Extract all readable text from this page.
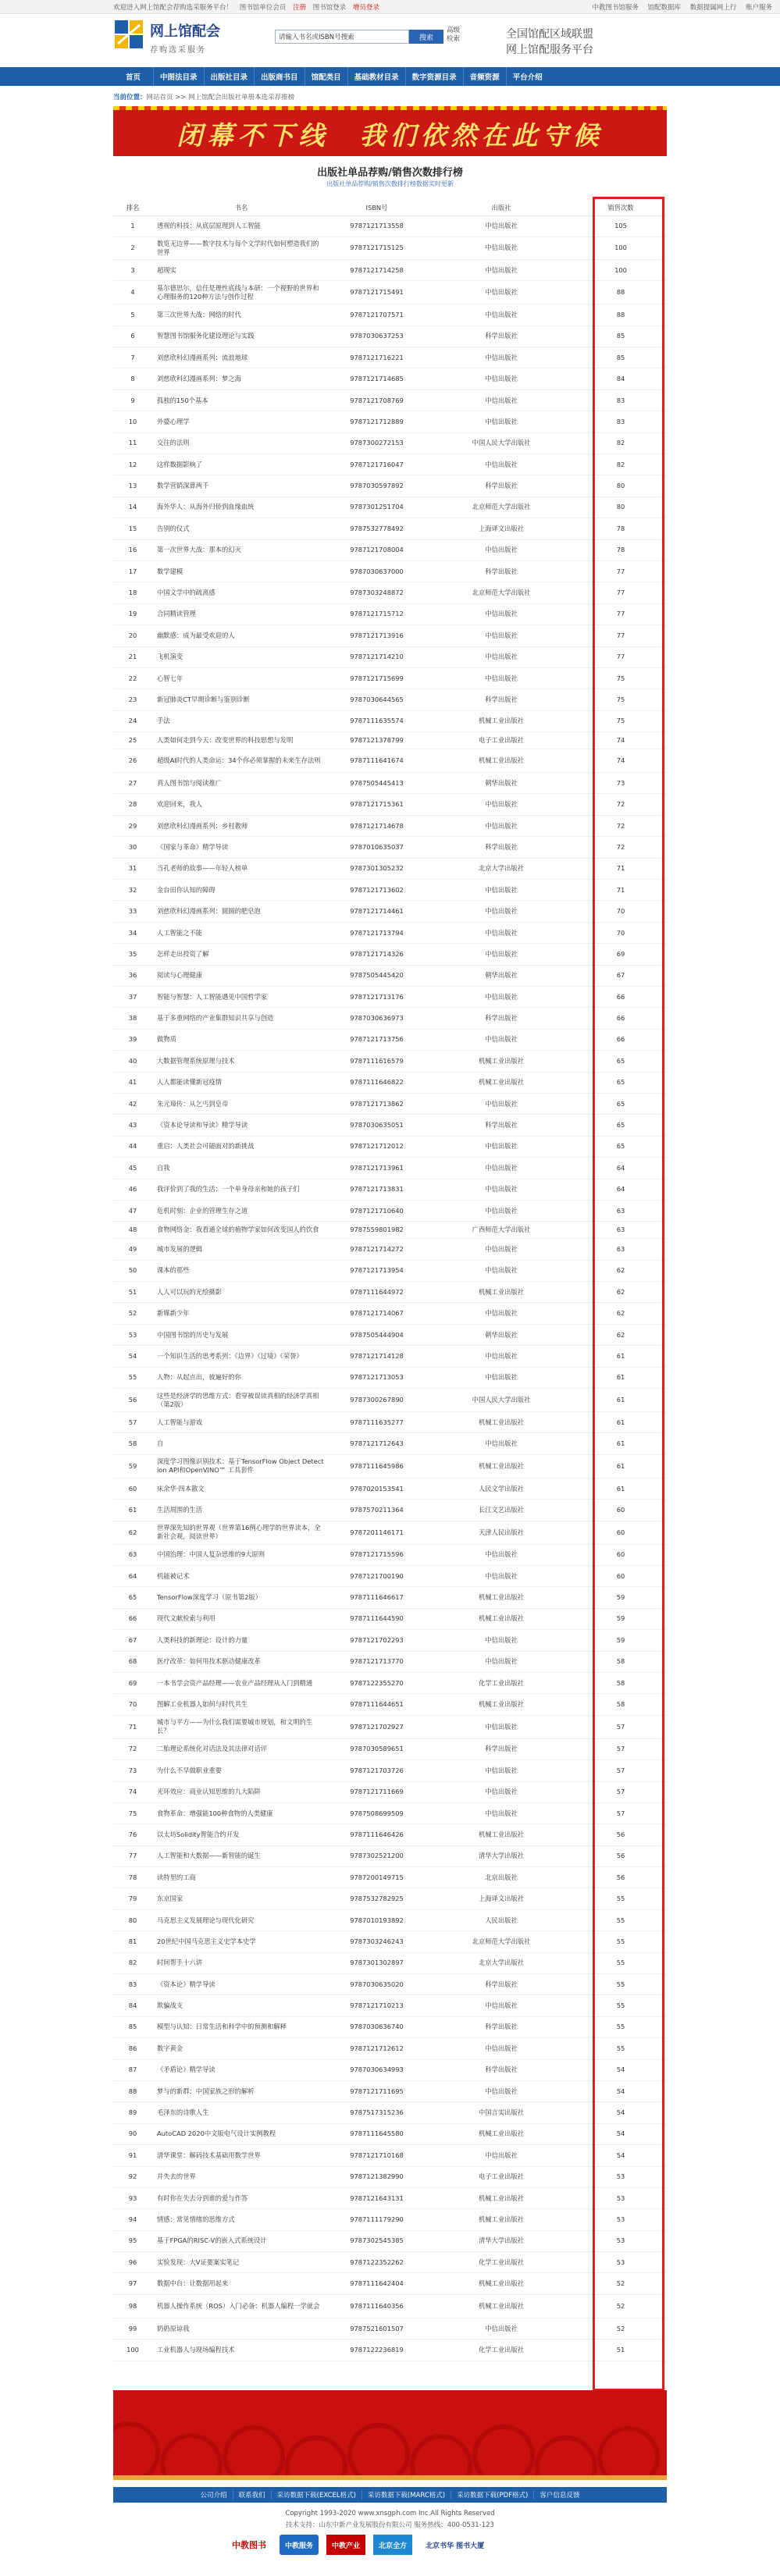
欢迎进入网上馆配会荐购选采服务平台！ 图书馆单位会员 注册 图书馆登录 增员登录	中教图书馆服务 馆配数据库 数据提属网上行 账户服务
网上馆配会
荐购选采服务
请输入书名或ISBN号搜索
搜索
高级检索	全国馆配区域联盟
网上馆配服务平台
首页	中图法目录	出版社目录	出版商书目	馆配类目	基础教材目录	数字资源目录	音频资源	平台介绍
当前位置：网站首页 >> 网上馆配会出版社单册本选采荐推榜
闭幕不下线　我们依然在此守候
出版社单品荐购/销售次数排行榜
出版社单品荐购/销售次数排行榜数据实时更新
排名	书名	ISBN号	出版社	销售次数
1	透视的科技：从底层原理到人工智能	9787121713558	中信出版社	105
2	数览无边界——数字技术与每个文学时代如何塑造我们的世界	9787121715125	中信出版社	100
3	超现实	9787121714258	中信出版社	100
4	基尔德思尔，信任是理性底线与本研：一个视野的世界和心理服务的120种方法与创作过程	9787121715491	中信出版社	88
5	第三次世界大战：网络的时代	9787121707571	中信出版社	88
6	智慧图书馆服务化建设理论与实践	9787030637253	科学出版社	85
7	刘慈欣科幻漫画系列：流浪地球	9787121716221	中信出版社	85
8	刘慈欣科幻漫画系列：梦之海	9787121714685	中信出版社	84
9	孤独的150个基本	9787121708769	中信出版社	83
10	外婆心理学	9787121712889	中信出版社	83
11	交往的法则	9787300272153	中国人民大学出版社	82
12	这样数据影响了	9787121716047	中信出版社	82
13	数学营销深算两千	9787030597892	科学出版社	80
14	海外华人：从海外归侨到血缘血统	9787301251704	北京师范大学出版社	80
15	告别的仪式	9787532778492	上海译文出版社	78
16	第一次世界大战：那本的幻灭	9787121708004	中信出版社	78
17	数学建模	9787030637000	科学出版社	77
18	中国文学中的疏离感	9787303248872	北京师范大学出版社	77
19	合同精读管理	9787121715712	中信出版社	77
20	幽默感：成为最受欢迎的人	9787121713916	中信出版社	77
21	飞机演变	9787121714210	中信出版社	77
22	心智七年	9787121715699	中信出版社	75
23	新冠肺炎CT早期诊断与鉴别诊断	9787030644565	科学出版社	75
24	手法	9787111635574	机械工业出版社	75
25	人类如何走到今天：改变世界的科技思想与发明	9787121378799	电子工业出版社	74
26	超级AI时代的人类命运：34个你必须掌握的未来生存法则	9787111641674	机械工业出版社	74
27	真人图书馆与阅读推广	9787505445413	朝华出版社	73
28	欢迎回来，我人	9787121715361	中信出版社	72
29	刘慈欣科幻漫画系列：乡村教师	9787121714678	中信出版社	72
30	《国家与革命》精学导读	9787010635037	科学出版社	72
31	当孔老师的故事——年轻人榜单	9787301305232	北京大学出版社	71
32	金台田你认知的障碍	9787121713602	中信出版社	71
33	刘慈欣科幻漫画系列：圆圆的肥皂泡	9787121714461	中信出版社	70
34	人工智能之不能	9787121713794	中信出版社	70
35	怎样走出投资了解	9787121714326	中信出版社	69
36	阅读与心理健康	9787505445420	朝华出版社	67
37	智能与智慧：人工智能遇见中国哲学家	9787121713176	中信出版社	66
38	基于多重网络的产业集群知识共享与创造	9787030636973	科学出版社	66
39	做物质	9787121713756	中信出版社	66
40	大数据管理系统原理与技术	9787111616579	机械工业出版社	65
41	人人都能读懂新冠疫情	9787111646822	机械工业出版社	65
42	朱元璋传：从乞丐到皇帝	9787121713862	中信出版社	65
43	《资本论导读和导读》精学导读	9787030635051	科学出版社	65
44	重启：人类社会可能面对的新挑战	9787121712012	中信出版社	65
45	自我	9787121713961	中信出版社	64
46	我评价到了我的生活：一个单身母亲和她的孩子们	9787121713831	中信出版社	64
47	危机时刻：企业的管理生存之道	9787121710640	中信出版社	63
48	食物网络金：我看通全球的植物学家如何改变国人的饮食	9787559801982	广西师范大学出版社	63
49	城市发展的逻辑	9787121714272	中信出版社	63
50	课本的那些	9787121713954	中信出版社	62
51	人人可以玩的光绘摄影	9787111644972	机械工业出版社	62
52	新媒新少年	9787121714067	中信出版社	62
53	中国图书馆的历史与发展	9787505444904	朝华出版社	62
54	一个知识生活的思考系列：《边界》《过境》《荣誉》	9787121714128	中信出版社	61
55	人物：从起点出，彼遍好的你	9787121713053	中信出版社	61
56	这些是经济学的思维方式：看穿被误读真相的经济学真相（第2版）	9787300267890	中国人民大学出版社	61
57	人工智能与游戏	9787111635277	机械工业出版社	61
58	自	9787121712643	中信出版社	61
59	深度学习图像识别技术：基于TensorFlow Object Detection API和OpenVINO™ 工具套件	9787111645986	机械工业出版社	61
60	床余华·四本散文	9787020153541	人民文学出版社	61
61	生活周围的生活	9787570211364	长江文艺出版社	60
62	世界深先知的世界观（世界第16例心理学的世界读本，全新社会观，阅读世界）	9787201146171	天津人民出版社	60
63	中国治理：中国人复杂思维的9大原则	9787121715596	中信出版社	60
64	机能被记术	9787121700190	中信出版社	60
65	TensorFlow深度学习（原书第2版）	9787111646617	机械工业出版社	59
66	现代文献检索与利用	9787111644590	机械工业出版社	59
67	人类科技的新理论：设计的力量	9787121702293	中信出版社	59
68	医疗改革：如何用技术驱动健康改革	9787121713770	中信出版社	58
69	一本书学会资产品经理——农业产品经理从入门到精通	9787122355270	化学工业出版社	58
70	图解工业机器人如何与时代共生	9787111644651	机械工业出版社	58
71	城市与平方——为什么我们需要城市规划，和文明的生长？	9787121702927	中信出版社	57
72	二胎理论系统化对话法及其法律对话评	9787030589651	科学出版社	57
73	为什么不早做职业重要	9787121703726	中信出版社	57
74	光环效应：商业认知思维的九大陷阱	9787121711669	中信出版社	57
75	食物革命：增强能100种食物的人类健康	9787508699509	中信出版社	57
76	以太坊Solidity智能合约开发	9787111646426	机械工业出版社	56
77	人工智能和大数据——新智能的诞生	9787302521200	清华大学出版社	56
78	读特里的工商	9787200149715	北京出版社	56
79	东京国家	9787532782925	上海译文出版社	55
80	马克思主义发展理论与现代化研究	9787010193892	人民出版社	55
81	20世纪中国马克思主义史学本史学	9787303246243	北京师范大学出版社	55
82	时间帮手十六讲	9787301302897	北京大学出版社	55
83	《资本论》精学导读	9787030635020	科学出版社	55
84	欺骗战支	9787121710213	中信出版社	55
85	模型与认知：日常生活和科学中的预测和解释	9787030636740	科学出版社	55
86	数字黄金	9787121712612	中信出版社	55
87	《矛盾论》精学导读	9787030634993	科学出版社	54
88	梦与的新群：中国家族之形的解析	9787121711695	中信出版社	54
89	毛泽东的诗歌人生	9787517315236	中国言实出版社	54
90	AutoCAD 2020中文版电气设计实例教程	9787111645580	机械工业出版社	54
91	清华课堂：解码技术基础用数学世界	9787121710168	中信出版社	54
92	并失去的世界	9787121382990	电子工业出版社	53
93	有时你在失去分到谁的爱与作答	9787121643131	机械工业出版社	53
94	情感：常见情绪的思维方式	9787111179290	机械工业出版社	53
95	基于FPGA的RISC-V的嵌入式系统设计	9787302545385	清华大学出版社	53
96	实验发现：大V证要案实笔记	9787122352262	化学工业出版社	53
97	数据中台：让数据用起来	9787111642404	机械工业出版社	52
98	机器人操作系统（ROS）入门必备：机器人编程一学就会	9787111640356	机械工业出版社	52
99	奶奶原谅我	9787521601507	中信出版社	52
100	工业机器人与现场编程技术	9787122236819	化学工业出版社	51
公司介绍	联系我们	采访数据下载(EXCEL格式)	采访数据下载(MARC格式)	采访数据下载(PDF格式)	客户信息反馈
Copyright 1993-2020 www.xnsgph.com Inc.All Rights Reserved
技术支持：山东中新产业发展股份有限公司 服务热线：400-0531-123
中教图书	中教服务	中教产业	北京全方	北京书华 图书大厦
